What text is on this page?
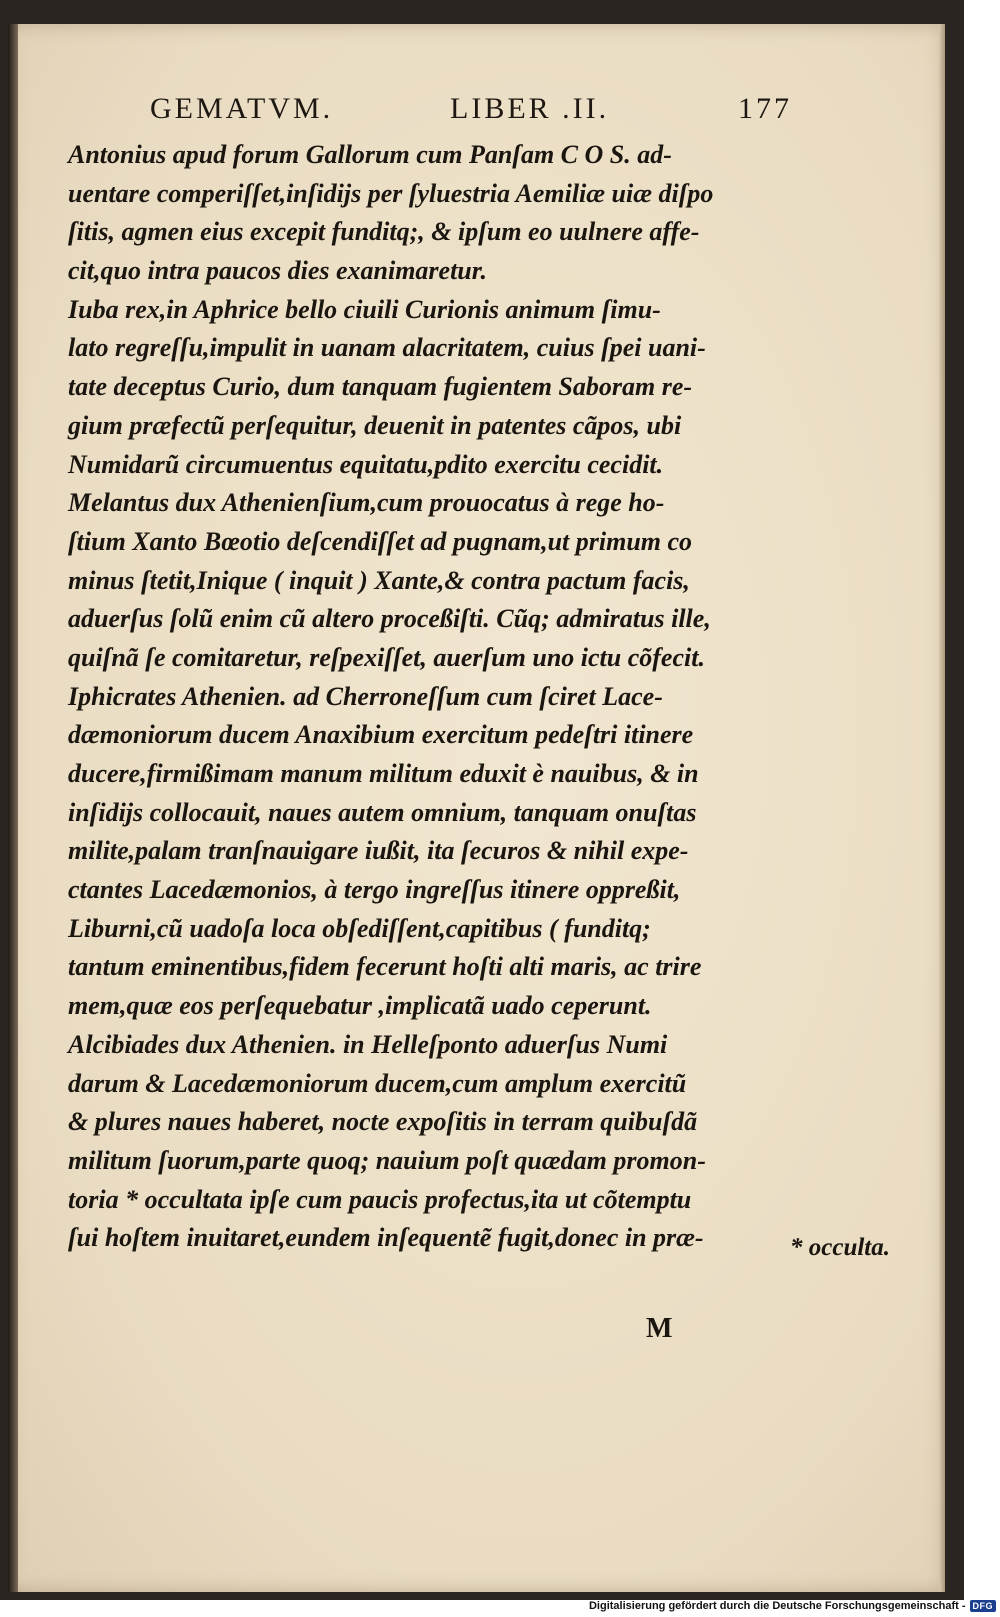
GEMATVM.	LIBER .II.	177
Antonius apud forum Gallorum cum Panſam C O S. ad-
uentare comperiſſet,inſidijs per ſyluestria Aemiliæ uiæ diſpo
ſitis, agmen eius excepit funditq;, & ipſum eo uulnere affe-
cit,quo intra paucos dies exanimaretur.
Iuba rex,in Aphrice bello ciuili Curionis animum ſimu-
lato regreſſu,impulit in uanam alacritatem, cuius ſpei uani-
tate deceptus Curio, dum tanquam fugientem Saboram re-
gium præfectũ perſequitur, deuenit in patentes cãpos, ubi
Numidarũ circumuentus equitatu,pdito exercitu cecidit.
Melantus dux Athenienſium,cum prouocatus à rege ho-
ſtium Xanto Bœotio deſcendiſſet ad pugnam,ut primum co
minus ſtetit,Inique ( inquit ) Xante,& contra pactum facis,
aduerſus ſolũ enim cũ altero proceßiſti. Cũq; admiratus ille,
quiſnã ſe comitaretur, reſpexiſſet, auerſum uno ictu cõfecit.
Iphicrates Athenien. ad Cherroneſſum cum ſciret Lace-
dæmoniorum ducem Anaxibium exercitum pedeſtri itinere
ducere,firmißimam manum militum eduxit è nauibus, & in
inſidijs collocauit, naues autem omnium, tanquam onuſtas
milite,palam tranſnauigare iußit, ita ſecuros & nihil expe-
ctantes Lacedæmonios, à tergo ingreſſus itinere oppreßit,
Liburni,cũ uadoſa loca obſediſſent,capitibus ( funditq;
tantum eminentibus,fidem fecerunt hoſti alti maris, ac trire
mem,quæ eos perſequebatur ,implicatã uado ceperunt.
Alcibiades dux Athenien. in Helleſponto aduerſus Numi
darum & Lacedæmoniorum ducem,cum amplum exercitũ
& plures naues haberet, nocte expoſitis in terram quibuſdã
militum ſuorum,parte quoq; nauium poſt quædam promon-
toria * occultata ipſe cum paucis profectus,ita ut cõtemptu
ſui hoſtem inuitaret,eundem inſequentẽ fugit,donec in præ-	* occulta.
M
Digitalisierung gefördert durch die Deutsche Forschungsgemeinschaft - DFG
